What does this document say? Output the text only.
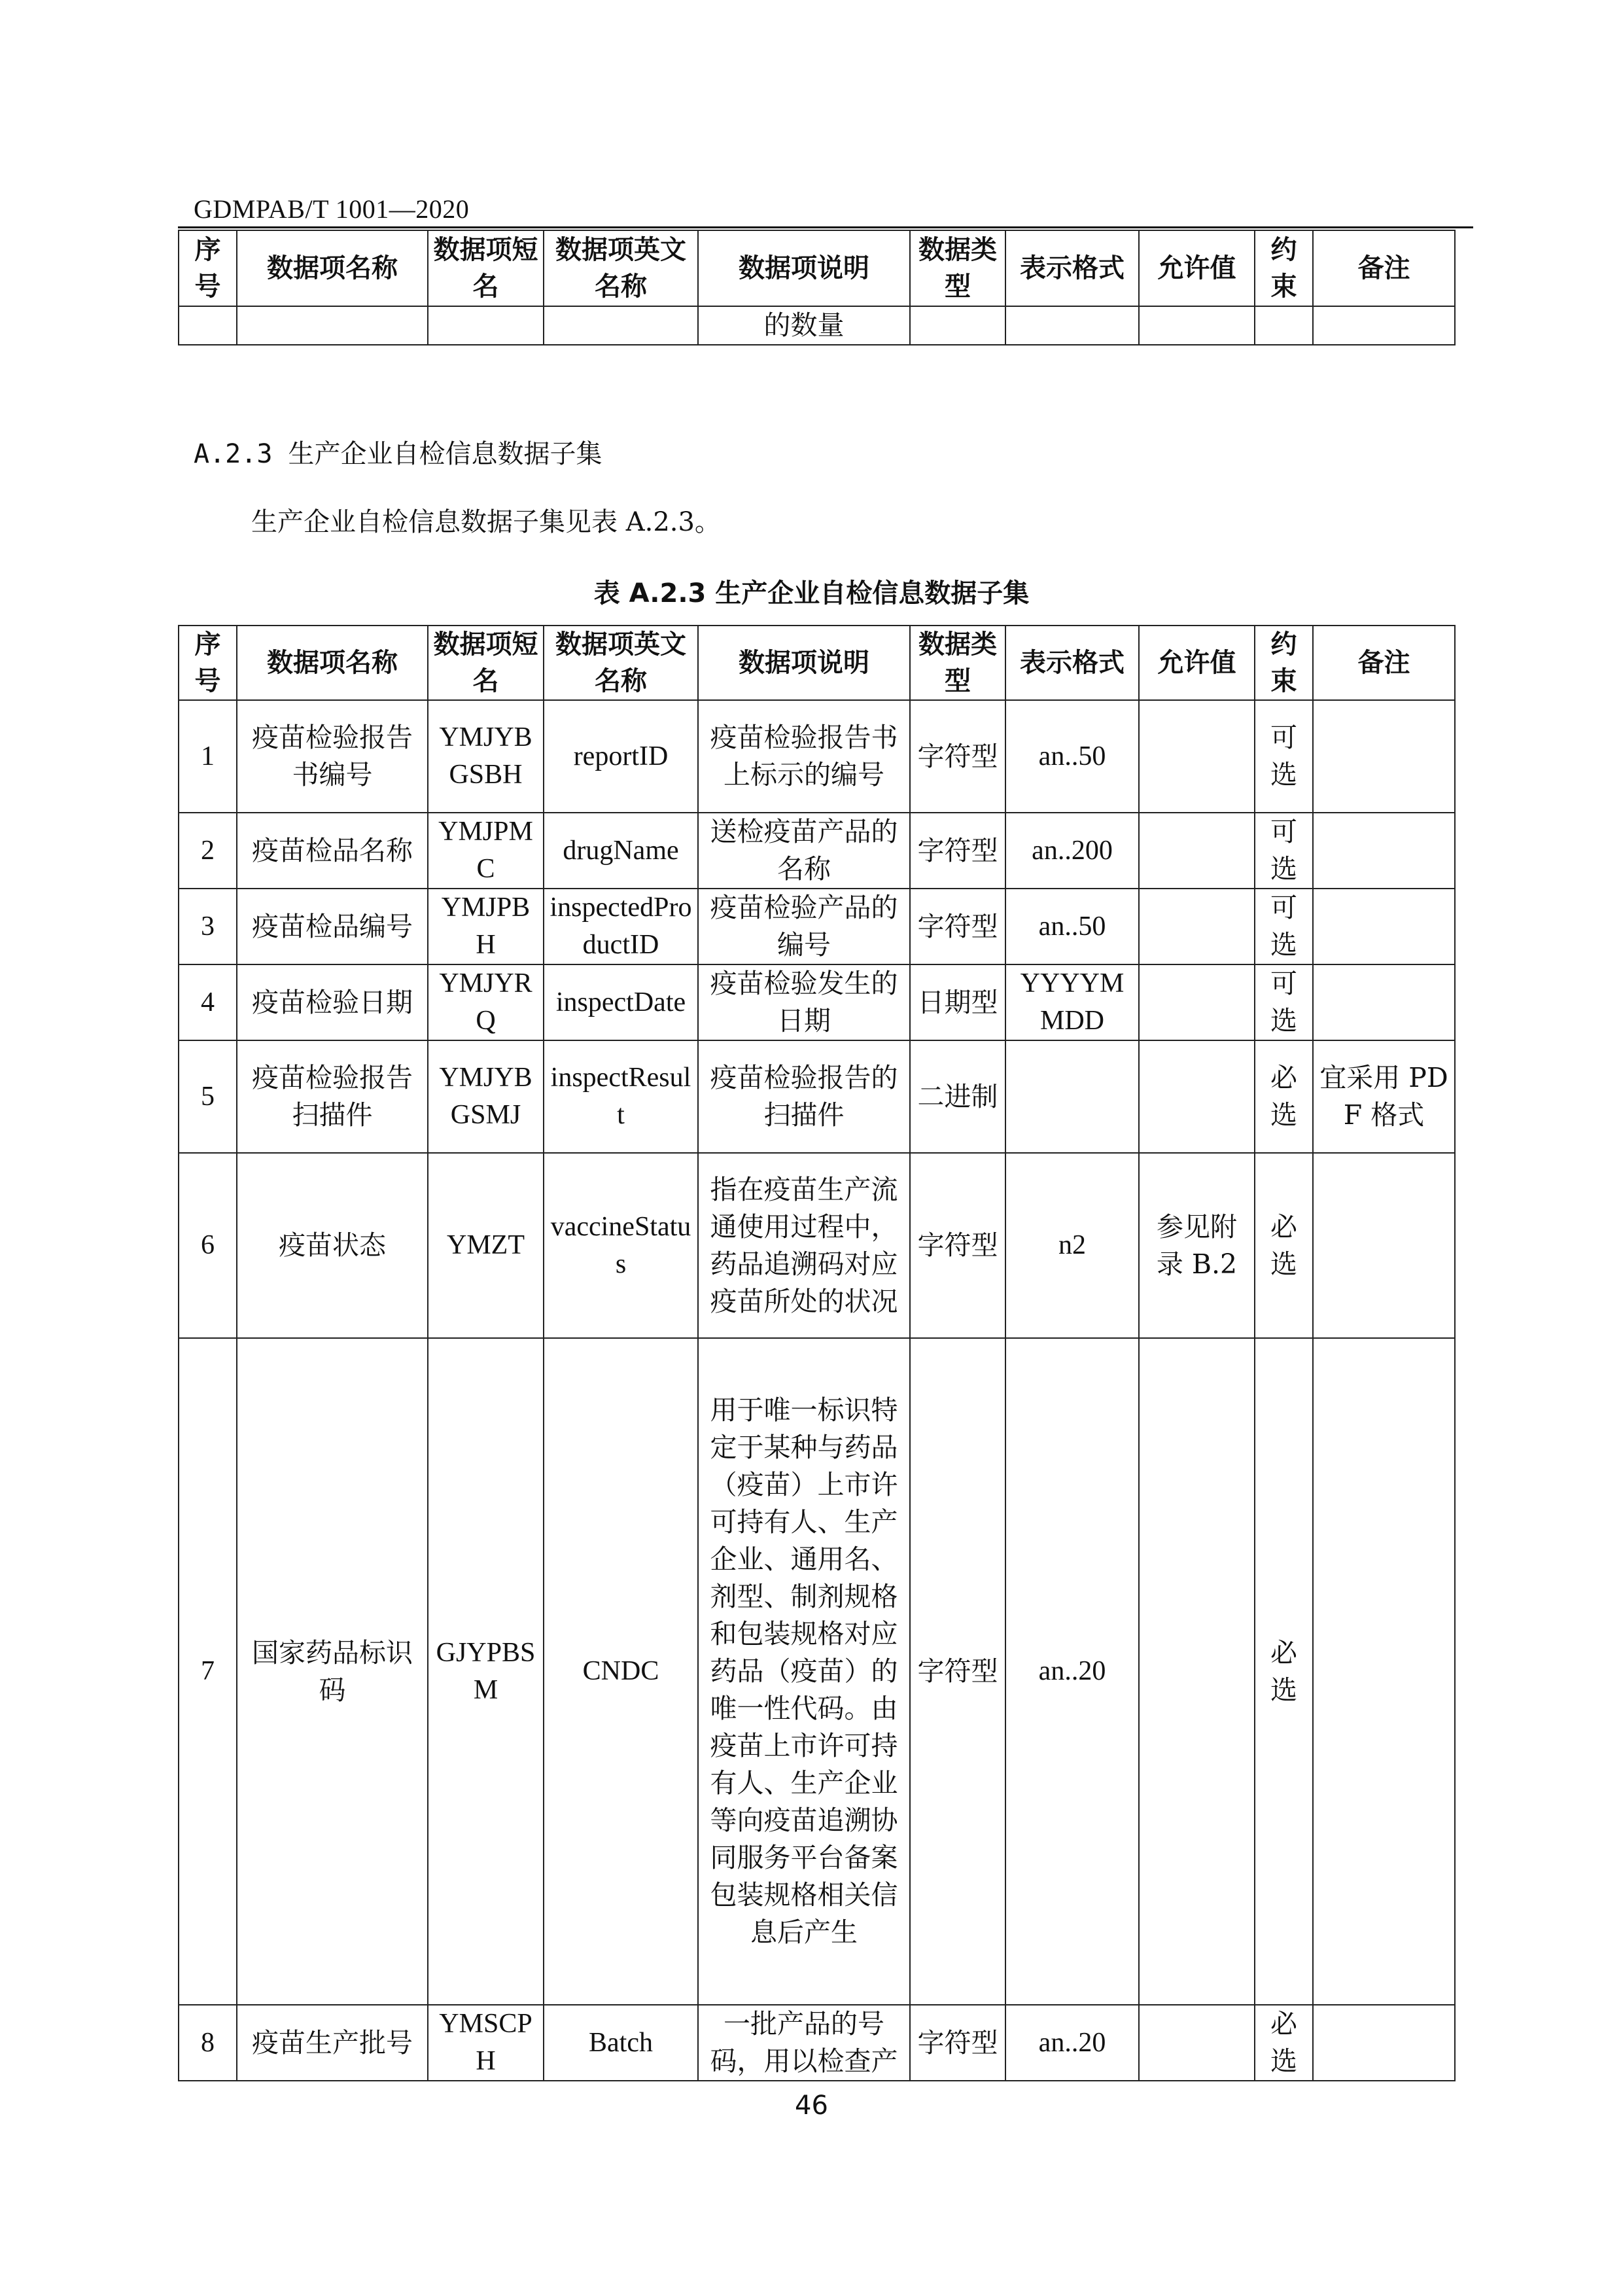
GDMPAB/T 1001—2020
序号	数据项名称	数据项短名	数据项英文名称	数据项说明	数据类型	表示格式	允许值	约束	备注
				的数量					
A.2.3 生产企业自检信息数据子集
生产企业自检信息数据子集见表 A.2.3。
表 A.2.3 生产企业自检信息数据子集
序号	数据项名称	数据项短名	数据项英文名称	数据项说明	数据类型	表示格式	允许值	约束	备注
1	疫苗检验报告书编号	YMJYBGSBH	reportID	疫苗检验报告书上标示的编号	字符型	an..50		可选	
2	疫苗检品名称	YMJPMC	drugName	送检疫苗产品的名称	字符型	an..200		可选	
3	疫苗检品编号	YMJPBH	inspectedProductID	疫苗检验产品的编号	字符型	an..50		可选	
4	疫苗检验日期	YMJYRQ	inspectDate	疫苗检验发生的日期	日期型	YYYYMMDD		可选	
5	疫苗检验报告扫描件	YMJYBGSMJ	inspectResult	疫苗检验报告的扫描件	二进制			必选	宜采用 PDF 格式
6	疫苗状态	YMZT	vaccineStatus	指在疫苗生产流通使用过程中，药品追溯码对应疫苗所处的状况	字符型	n2	参见附录 B.2	必选	
7	国家药品标识码	GJYPBSM	CNDC	用于唯一标识特定于某种与药品（疫苗）上市许可持有人、生产企业、通用名、剂型、制剂规格和包装规格对应药品（疫苗）的唯一性代码。由疫苗上市许可持有人、生产企业等向疫苗追溯协同服务平台备案包装规格相关信息后产生	字符型	an..20		必选	
8	疫苗生产批号	YMSCPH	Batch	一批产品的号码，用以检查产	字符型	an..20		必选	
46
